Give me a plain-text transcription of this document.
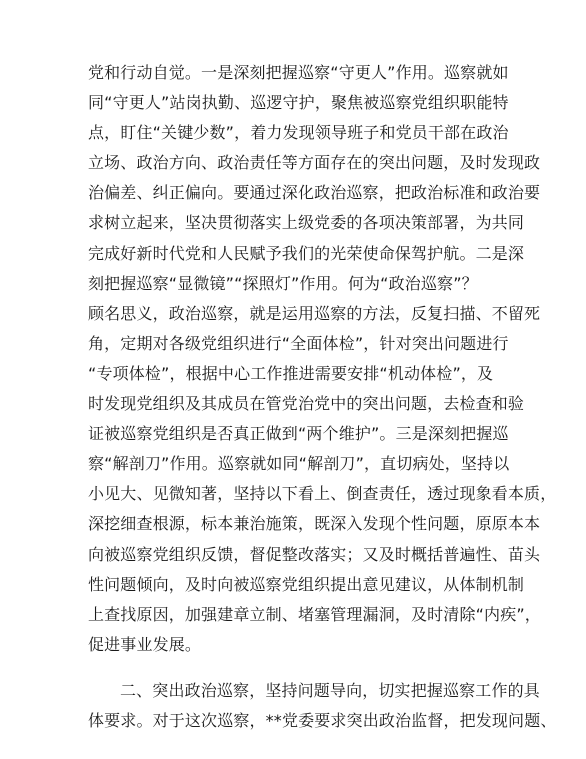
党和行动自觉。一是深刻把握巡察“守更人”作用。巡察就如
同“守更人”站岗执勤、巡逻守护，聚焦被巡察党组织职能特
点，盯住“关键少数”，着力发现领导班子和党员干部在政治
立场、政治方向、政治责任等方面存在的突出问题，及时发现政
治偏差、纠正偏向。要通过深化政治巡察，把政治标准和政治要
求树立起来，坚决贯彻落实上级党委的各项决策部署，为共同
完成好新时代党和人民赋予我们的光荣使命保驾护航。二是深
刻把握巡察“显微镜”“探照灯”作用。何为“政治巡察”？
顾名思义，政治巡察，就是运用巡察的方法，反复扫描、不留死
角，定期对各级党组织进行“全面体检”，针对突出问题进行
“专项体检”，根据中心工作推进需要安排“机动体检”，及
时发现党组织及其成员在管党治党中的突出问题，去检查和验
证被巡察党组织是否真正做到“两个维护”。三是深刻把握巡
察“解剖刀”作用。巡察就如同“解剖刀”，直切病处，坚持以
小见大、见微知著，坚持以下看上、倒查责任，透过现象看本质，
深挖细查根源，标本兼治施策，既深入发现个性问题，原原本本
向被巡察党组织反馈，督促整改落实；又及时概括普遍性、苗头
性问题倾向，及时向被巡察党组织提出意见建议，从体制机制
上查找原因，加强建章立制、堵塞管理漏洞，及时清除“内疾”，
促进事业发展。
二、突出政治巡察，坚持问题导向，切实把握巡察工作的具
体要求。对于这次巡察，**党委要求突出政治监督，把发现问题、
